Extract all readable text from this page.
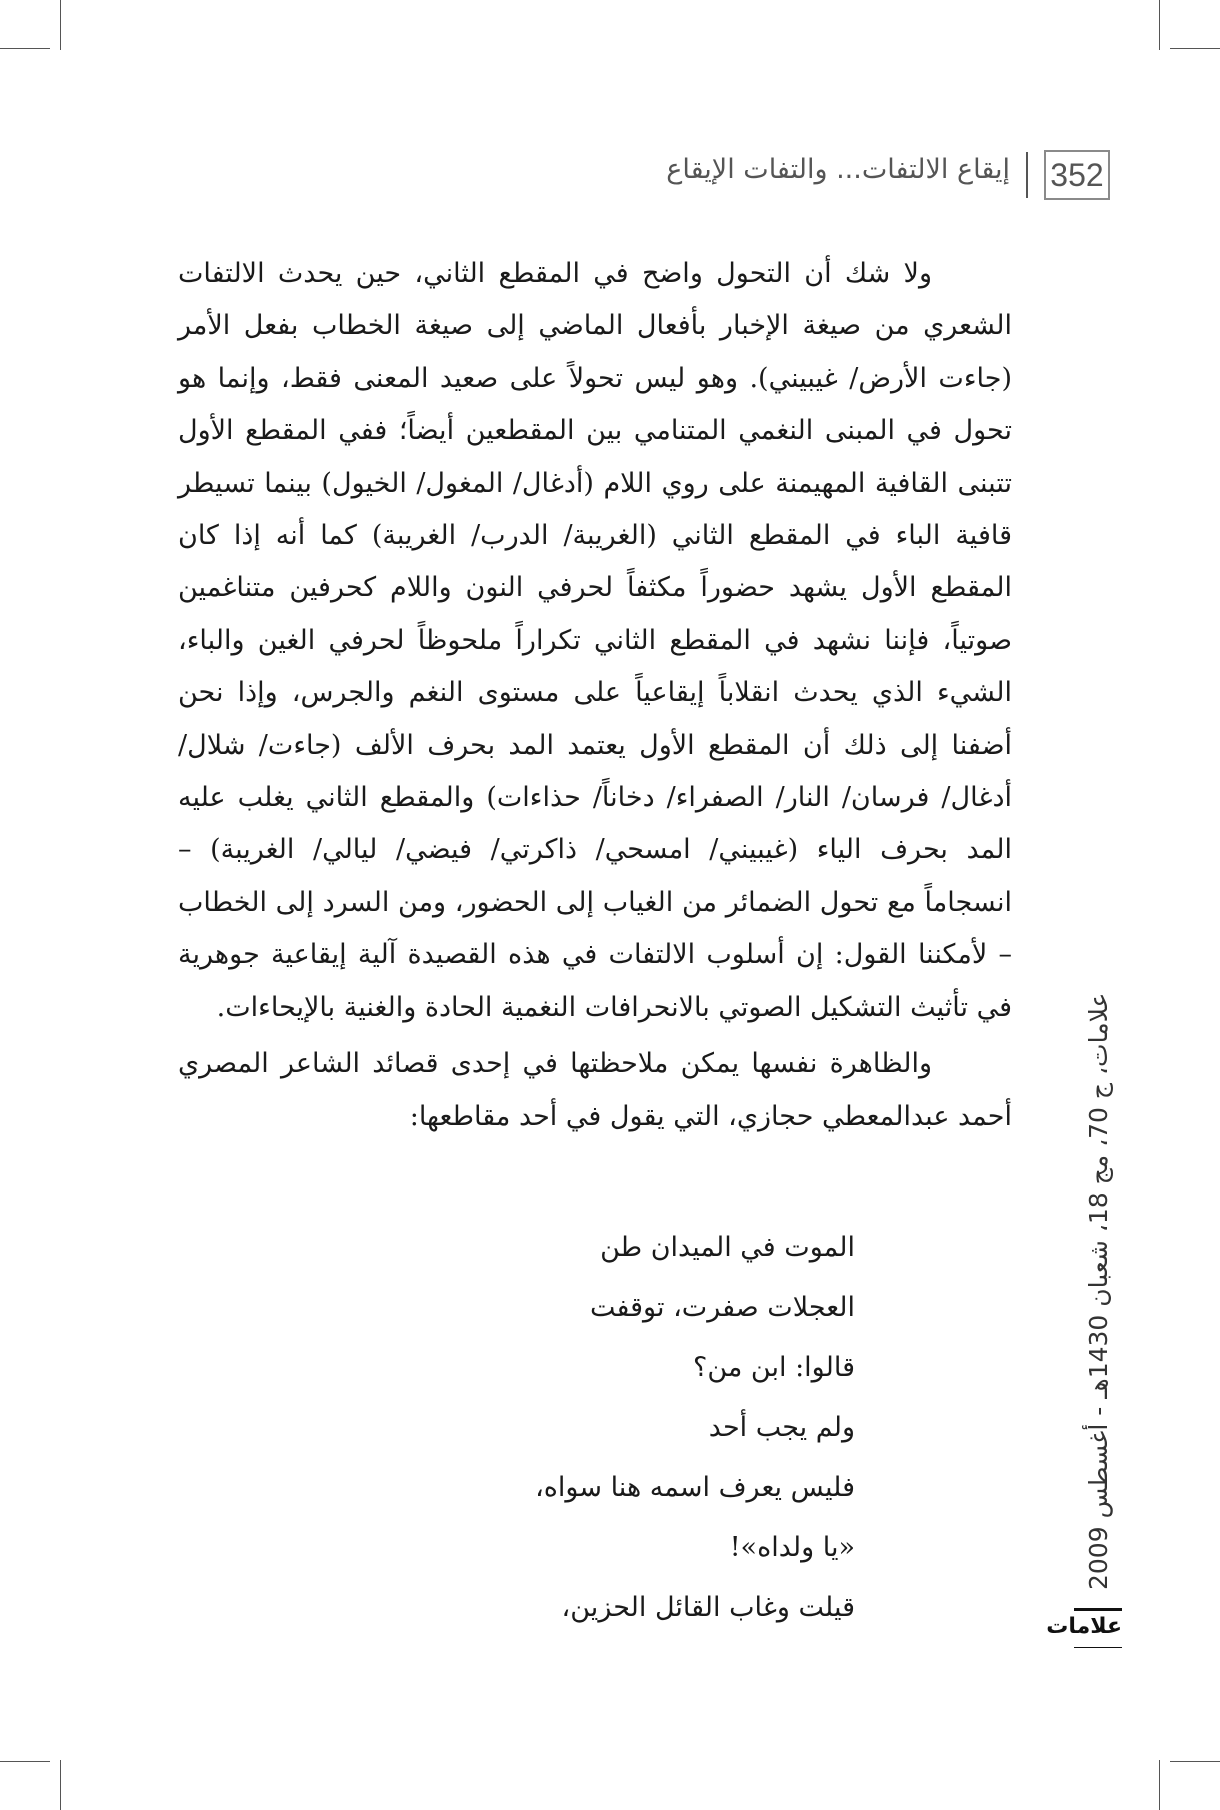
352
إيقاع الالتفات... والتفات الإيقاع

ولا شك أن التحول واضح في المقطع الثاني، حين يحدث الالتفات الشعري من صيغة الإخبار بأفعال الماضي إلى صيغة الخطاب بفعل الأمر (جاءت الأرض/ غيبيني). وهو ليس تحولاً على صعيد المعنى فقط، وإنما هو تحول في المبنى النغمي المتنامي بين المقطعين أيضاً؛ ففي المقطع الأول تتبنى القافية المهيمنة على روي اللام (أدغال/ المغول/ الخيول) بينما تسيطر قافية الباء في المقطع الثاني (الغريبة/ الدرب/ الغريبة) كما أنه إذا كان المقطع الأول يشهد حضوراً مكثفاً لحرفي النون واللام كحرفين متناغمين صوتياً، فإننا نشهد في المقطع الثاني تكراراً ملحوظاً لحرفي الغين والباء، الشيء الذي يحدث انقلاباً إيقاعياً على مستوى النغم والجرس، وإذا نحن أضفنا إلى ذلك أن المقطع الأول يعتمد المد بحرف الألف (جاءت/ شلال/ أدغال/ فرسان/ النار/ الصفراء/ دخاناً/ حذاءات) والمقطع الثاني يغلب عليه المد بحرف الياء (غيبيني/ امسحي/ ذاكرتي/ فيضي/ ليالي/ الغريبة) – انسجاماً مع تحول الضمائر من الغياب إلى الحضور، ومن السرد إلى الخطاب – لأمكننا القول: إن أسلوب الالتفات في هذه القصيدة آلية إيقاعية جوهرية في تأثيث التشكيل الصوتي بالانحرافات النغمية الحادة والغنية بالإيحاءات.

والظاهرة نفسها يمكن ملاحظتها في إحدى قصائد الشاعر المصري أحمد عبدالمعطي حجازي، التي يقول في أحد مقاطعها:

الموت في الميدان طن
العجلات صفرت، توقفت
قالوا: ابن من؟
ولم يجب أحد
فليس يعرف اسمه هنا سواه،
«يا ولداه»!
قيلت وغاب القائل الحزين،
علامات، ج 70، مج 18، شعبان 1430هـ - أغسطس 2009
علامات
